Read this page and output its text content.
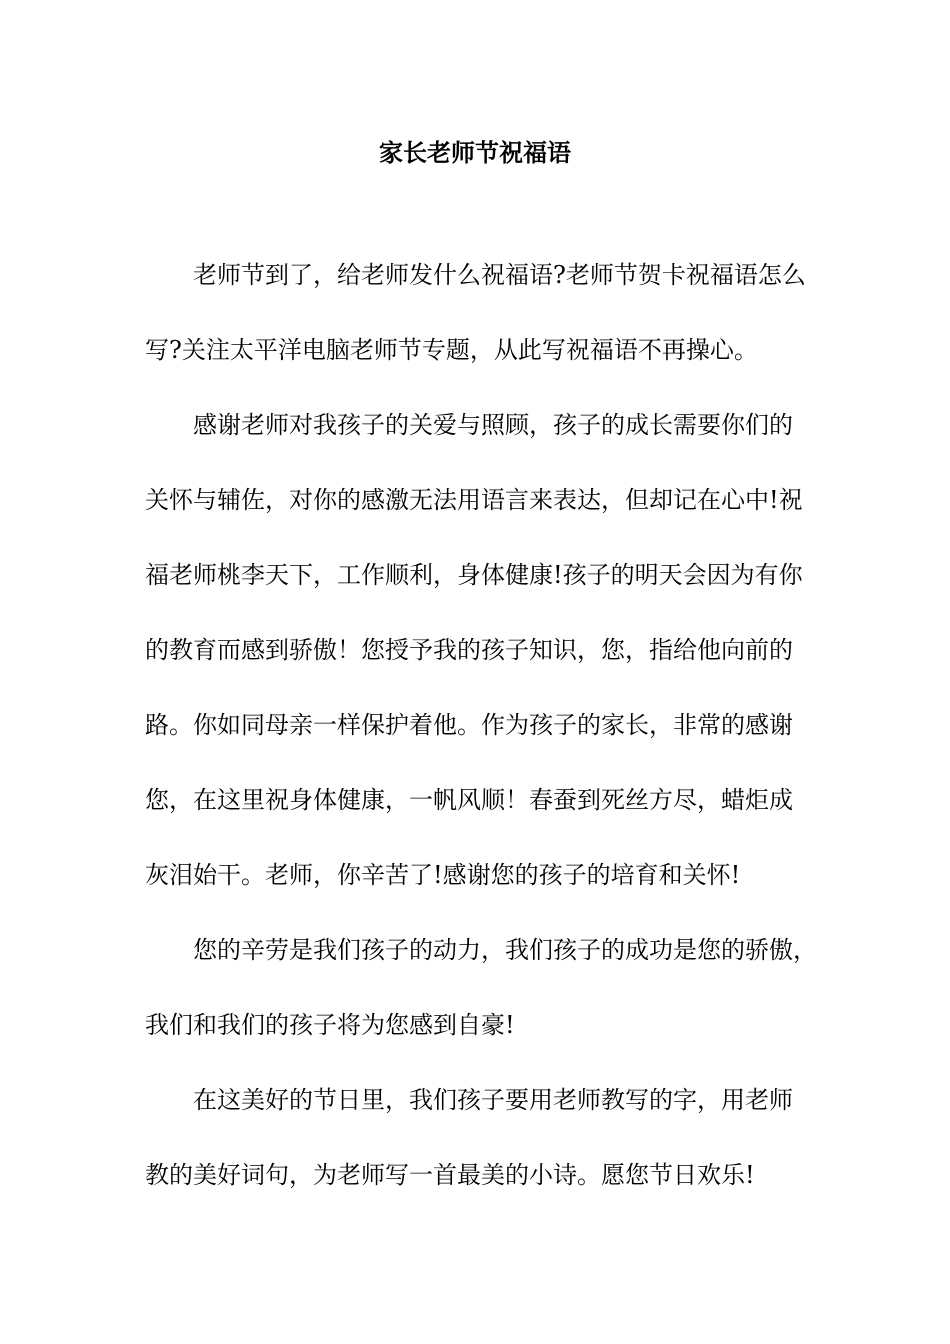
家长老师节祝福语

老师节到了，给老师发什么祝福语?老师节贺卡祝福语怎么

写?关注太平洋电脑老师节专题，从此写祝福语不再操心。

感谢老师对我孩子的关爱与照顾，孩子的成长需要你们的

关怀与辅佐，对你的感激无法用语言来表达，但却记在心中!祝

福老师桃李天下，工作顺利，身体健康!孩子的明天会因为有你

的教育而感到骄傲！您授予我的孩子知识，您，指给他向前的

路。你如同母亲一样保护着他。作为孩子的家长，非常的感谢

您，在这里祝身体健康，一帆风顺！春蚕到死丝方尽，蜡炬成

灰泪始干。老师，你辛苦了!感谢您的孩子的培育和关怀!

您的辛劳是我们孩子的动力，我们孩子的成功是您的骄傲，

我们和我们的孩子将为您感到自豪!

在这美好的节日里，我们孩子要用老师教写的字，用老师

教的美好词句，为老师写一首最美的小诗。愿您节日欢乐!
